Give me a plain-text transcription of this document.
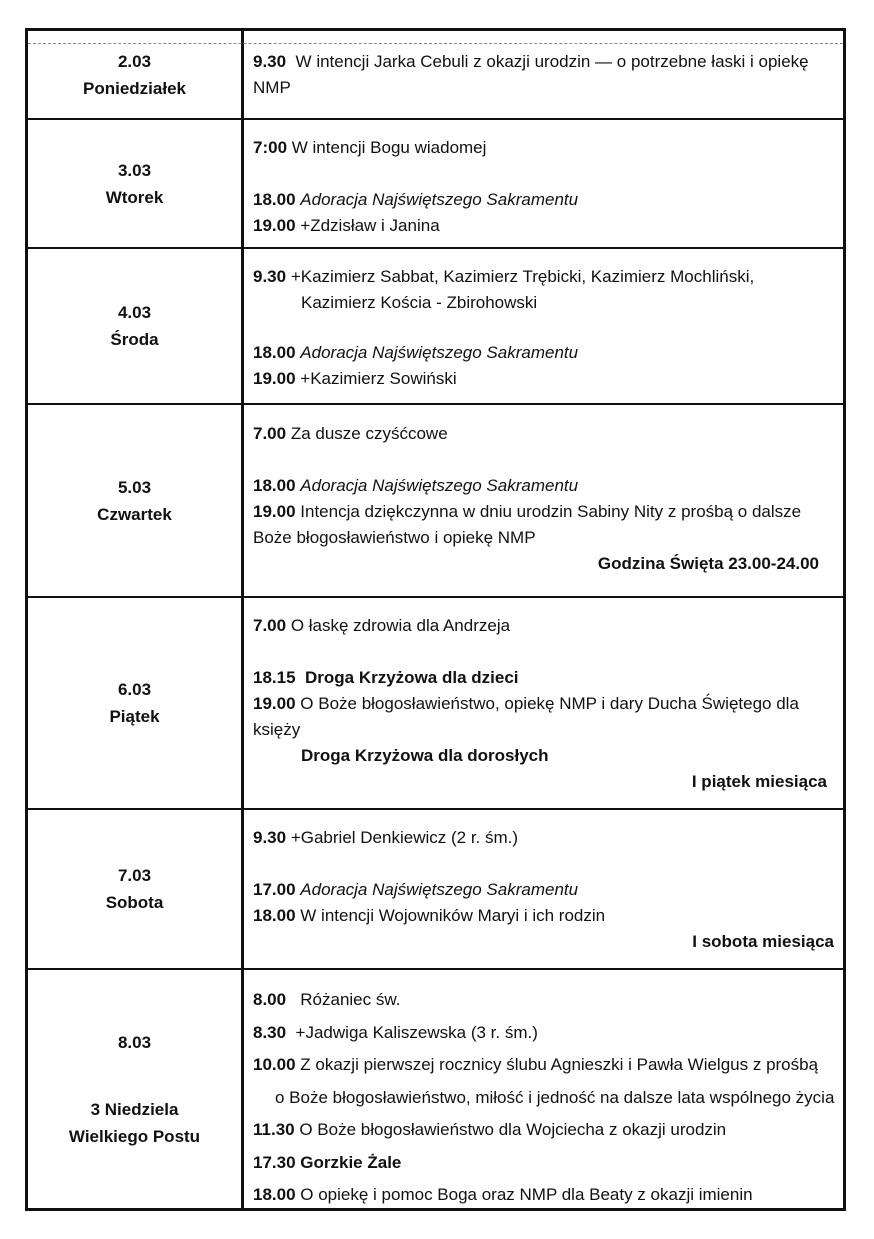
2.03
Poniedziałek
9.30 W intencji Jarka Cebuli z okazji urodzin — o potrzebne łaski i opiekę
NMP
3.03
Wtorek
7:00 W intencji Bogu wiadomej
18.00 Adoracja Najświętszego Sakramentu
19.00 +Zdzisław i Janina
4.03
Środa
9.30 +Kazimierz Sabbat, Kazimierz Trębicki, Kazimierz Mochliński,
Kazimierz Kościa - Zbirohowski
18.00 Adoracja Najświętszego Sakramentu
19.00 +Kazimierz Sowiński
5.03
Czwartek
7.00 Za dusze czyśćcowe
18.00 Adoracja Najświętszego Sakramentu
19.00 Intencja dziękczynna w dniu urodzin Sabiny Nity z prośbą o dalsze
Boże błogosławieństwo i opiekę NMP
Godzina Święta 23.00-24.00
6.03
Piątek
7.00 O łaskę zdrowia dla Andrzeja
18.15 Droga Krzyżowa dla dzieci
19.00 O Boże błogosławieństwo, opiekę NMP i dary Ducha Świętego dla
księży
Droga Krzyżowa dla dorosłych
I piątek miesiąca
7.03
Sobota
9.30 +Gabriel Denkiewicz (2 r. śm.)
17.00 Adoracja Najświętszego Sakramentu
18.00 W intencji Wojowników Maryi i ich rodzin
I sobota miesiąca
8.03
3 Niedziela
Wielkiego Postu
8.00 Różaniec św.
8.30 +Jadwiga Kaliszewska (3 r. śm.)
10.00 Z okazji pierwszej rocznicy ślubu Agnieszki i Pawła Wielgus z prośbą
o Boże błogosławieństwo, miłość i jedność na dalsze lata wspólnego życia
11.30 O Boże błogosławieństwo dla Wojciecha z okazji urodzin
17.30 Gorzkie Żale
18.00 O opiekę i pomoc Boga oraz NMP dla Beaty z okazji imienin
